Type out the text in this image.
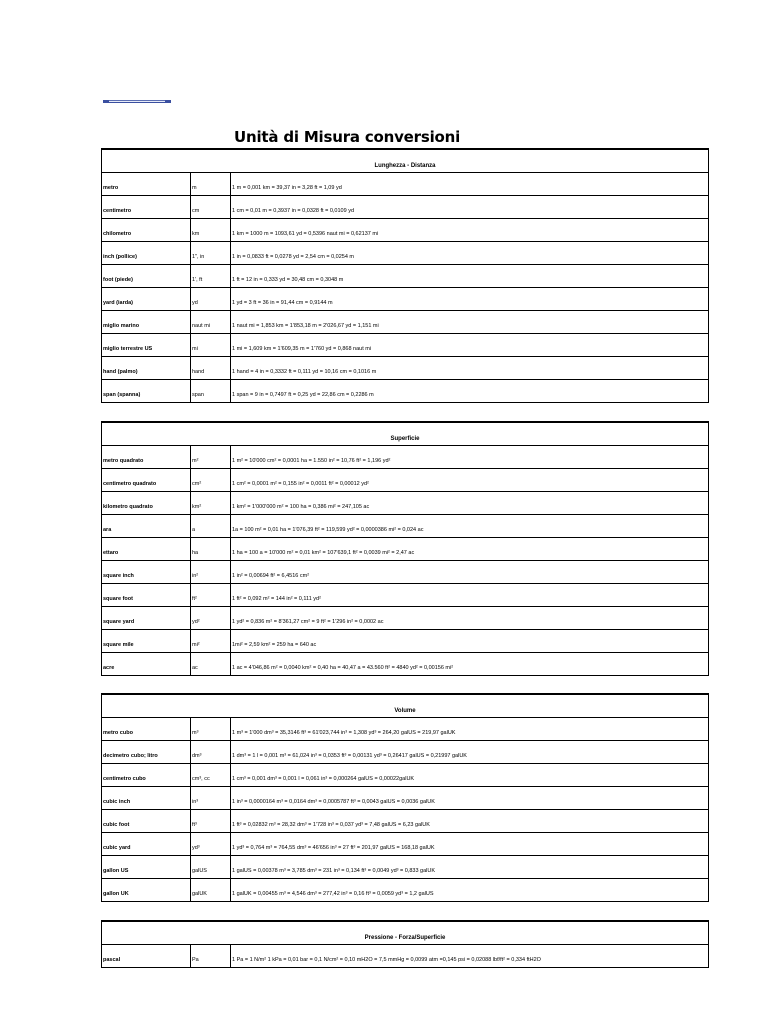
Unità di Misura conversioni
Lunghezza - Distanza
metro	m	1 m = 0,001 km = 39,37 in = 3,28 ft = 1,09 yd
centimetro	cm	1 cm = 0,01 m = 0,3937 in = 0,0328 ft = 0,0109 yd
chilometro	km	1 km = 1000 m = 1093,61 yd = 0,5396 naut mi = 0,62137 mi
inch (pollice)	1", in	1 in = 0,0833 ft = 0,0278 yd = 2,54 cm = 0,0254 m
foot (piede)	1', ft	1 ft = 12 in = 0,333 yd = 30,48 cm = 0,3048 m
yard (iarda)	yd	1 yd = 3 ft = 36 in = 91,44 cm = 0,9144 m
miglio marino	naut mi	1 naut mi = 1,853 km = 1'853,18 m = 2'026,67 yd = 1,151 mi
miglio terrestre US	mi	1 mi = 1,609 km = 1'609,35 m = 1'760 yd = 0,868 naut mi
hand (palmo)	hand	1 hand = 4 in = 0,3332 ft = 0,111 yd = 10,16 cm = 0,1016 m
span (spanna)	span	1 span = 9 in = 0,7497 ft = 0,25 yd = 22,86 cm = 0,2286 m
Superficie
metro quadrato	m²	1 m² = 10'000 cm² = 0,0001 ha = 1.550 in² = 10,76 ft² = 1,196 yd²
centimetro quadrato	cm²	1 cm² = 0,0001 m² = 0,155 in² = 0,0011 ft² = 0,00012 yd²
kilometro quadrato	km²	1 km² = 1'000'000 m² = 100 ha = 0,386 mi² = 247,105 ac
ara	a	1a = 100 m² = 0,01 ha = 1'076,39 ft² = 119,599 yd² = 0,0000386 mi² = 0,024 ac
ettaro	ha	1 ha = 100 a = 10'000 m² = 0,01 km² = 107'639,1 ft² = 0,0039 mi² = 2,47 ac
square inch	in²	1 in² = 0,00694 ft² = 6,4516 cm²
square foot	ft²	1 ft² = 0,092 m² = 144 in² = 0,111 yd²
square yard	yd²	1 yd² = 0,836 m² = 8'361,27 cm² = 9 ft² = 1'296 in² = 0,0002 ac
square mile	mi²	1mi² = 2,59 km² = 259 ha = 640 ac
acre	ac	1 ac = 4'046,86 m² = 0,0040 km² = 0,40 ha = 40,47 a = 43.560 ft² = 4840 yd² = 0,00156 mi²
Volume
metro cubo	m³	1 m³ = 1'000 dm³ = 35,3146 ft³ = 61'023,744 in³ = 1,308 yd³ = 264,20 galUS = 219,97 galUK
decimetro cubo; litro	dm³	1 dm³ = 1 l = 0,001 m³ = 61,024 in³ = 0,0353 ft³ = 0,00131 yd³ = 0,26417 galUS = 0,21997 galUK
centimetro cubo	cm³, cc	1 cm³ = 0,001 dm³ = 0,001 l = 0,061 in³ = 0,000264 galUS = 0,00022galUK
cubic inch	in³	1 in³ = 0,0000164 m³ = 0,0164 dm³ = 0,0005787 ft³ = 0,0043 galUS = 0,0036 galUK
cubic foot	ft³	1 ft³ = 0,02832 m³ = 28,32 dm³ = 1'728 in³ = 0,037 yd³ = 7,48 galUS = 6,23 galUK
cubic yard	yd³	1 yd³ = 0,764 m³ = 764,55 dm³ = 46'656 in³ = 27 ft³ = 201,97 galUS = 168,18 galUK
gallon US	galUS	1 galUS = 0,00378 m³ = 3,785 dm³ = 231 in³ = 0,134 ft³ = 0,0049 yd³ = 0,833 galUK
gallon UK	galUK	1 galUK = 0,00455 m³ = 4,546 dm³ = 277,42 in³ = 0,16 ft³ = 0,0059 yd³ = 1,2 galUS
Pressione - Forza/Superficie
pascal	Pa	1 Pa = 1 N/m² 1 kPa = 0,01 bar = 0,1 N/cm² = 0,10 mH2O = 7,5 mmHg = 0,0099 atm =0,145 psi = 0,02088 lbf/ft² = 0,334 ftH2O
